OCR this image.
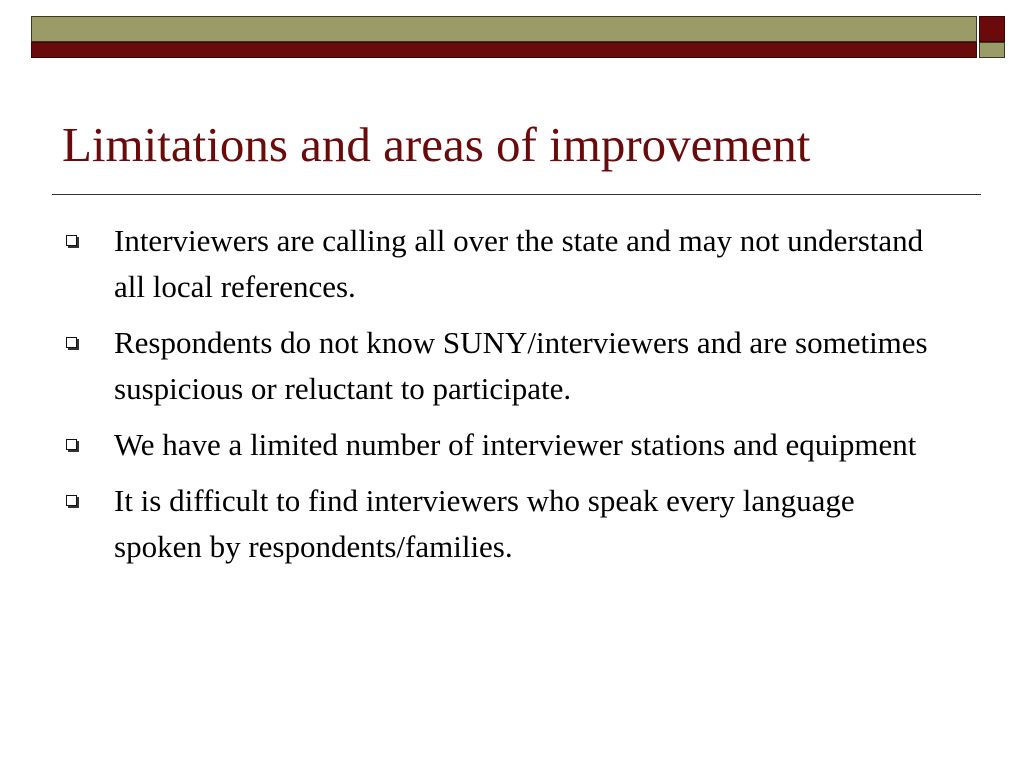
Limitations and areas of improvement
Interviewers are calling all over the state and may not understand all local references.
Respondents do not know SUNY/interviewers and are sometimes suspicious or reluctant to participate.
We have a limited number of interviewer stations and equipment
It is difficult to find interviewers who speak every language spoken by respondents/families.
